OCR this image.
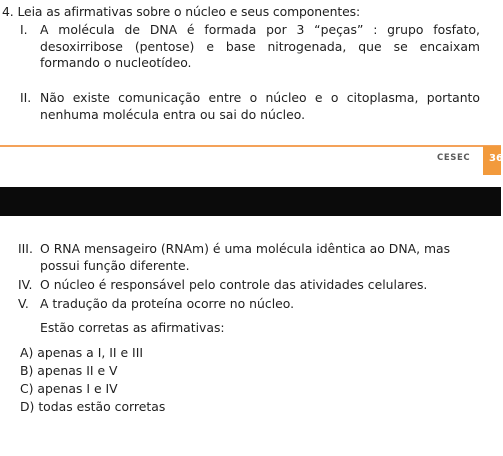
4. Leia as afirmativas sobre o núcleo e seus componentes:
I. A molécula de DNA é formada por 3 “peças” : grupo fosfato,
desoxirribose (pentose) e base nitrogenada, que se encaixam
formando o nucleotídeo.
II. Não existe comunicação entre o núcleo e o citoplasma, portanto
nenhuma molécula entra ou sai do núcleo.
CESEC 36
III. O RNA mensageiro (RNAm) é uma molécula idêntica ao DNA, mas
possui função diferente.
IV. O núcleo é responsável pelo controle das atividades celulares.
V. A tradução da proteína ocorre no núcleo.
Estão corretas as afirmativas:
A) apenas a I, II e III
B) apenas II e V
C) apenas I e IV
D) todas estão corretas
